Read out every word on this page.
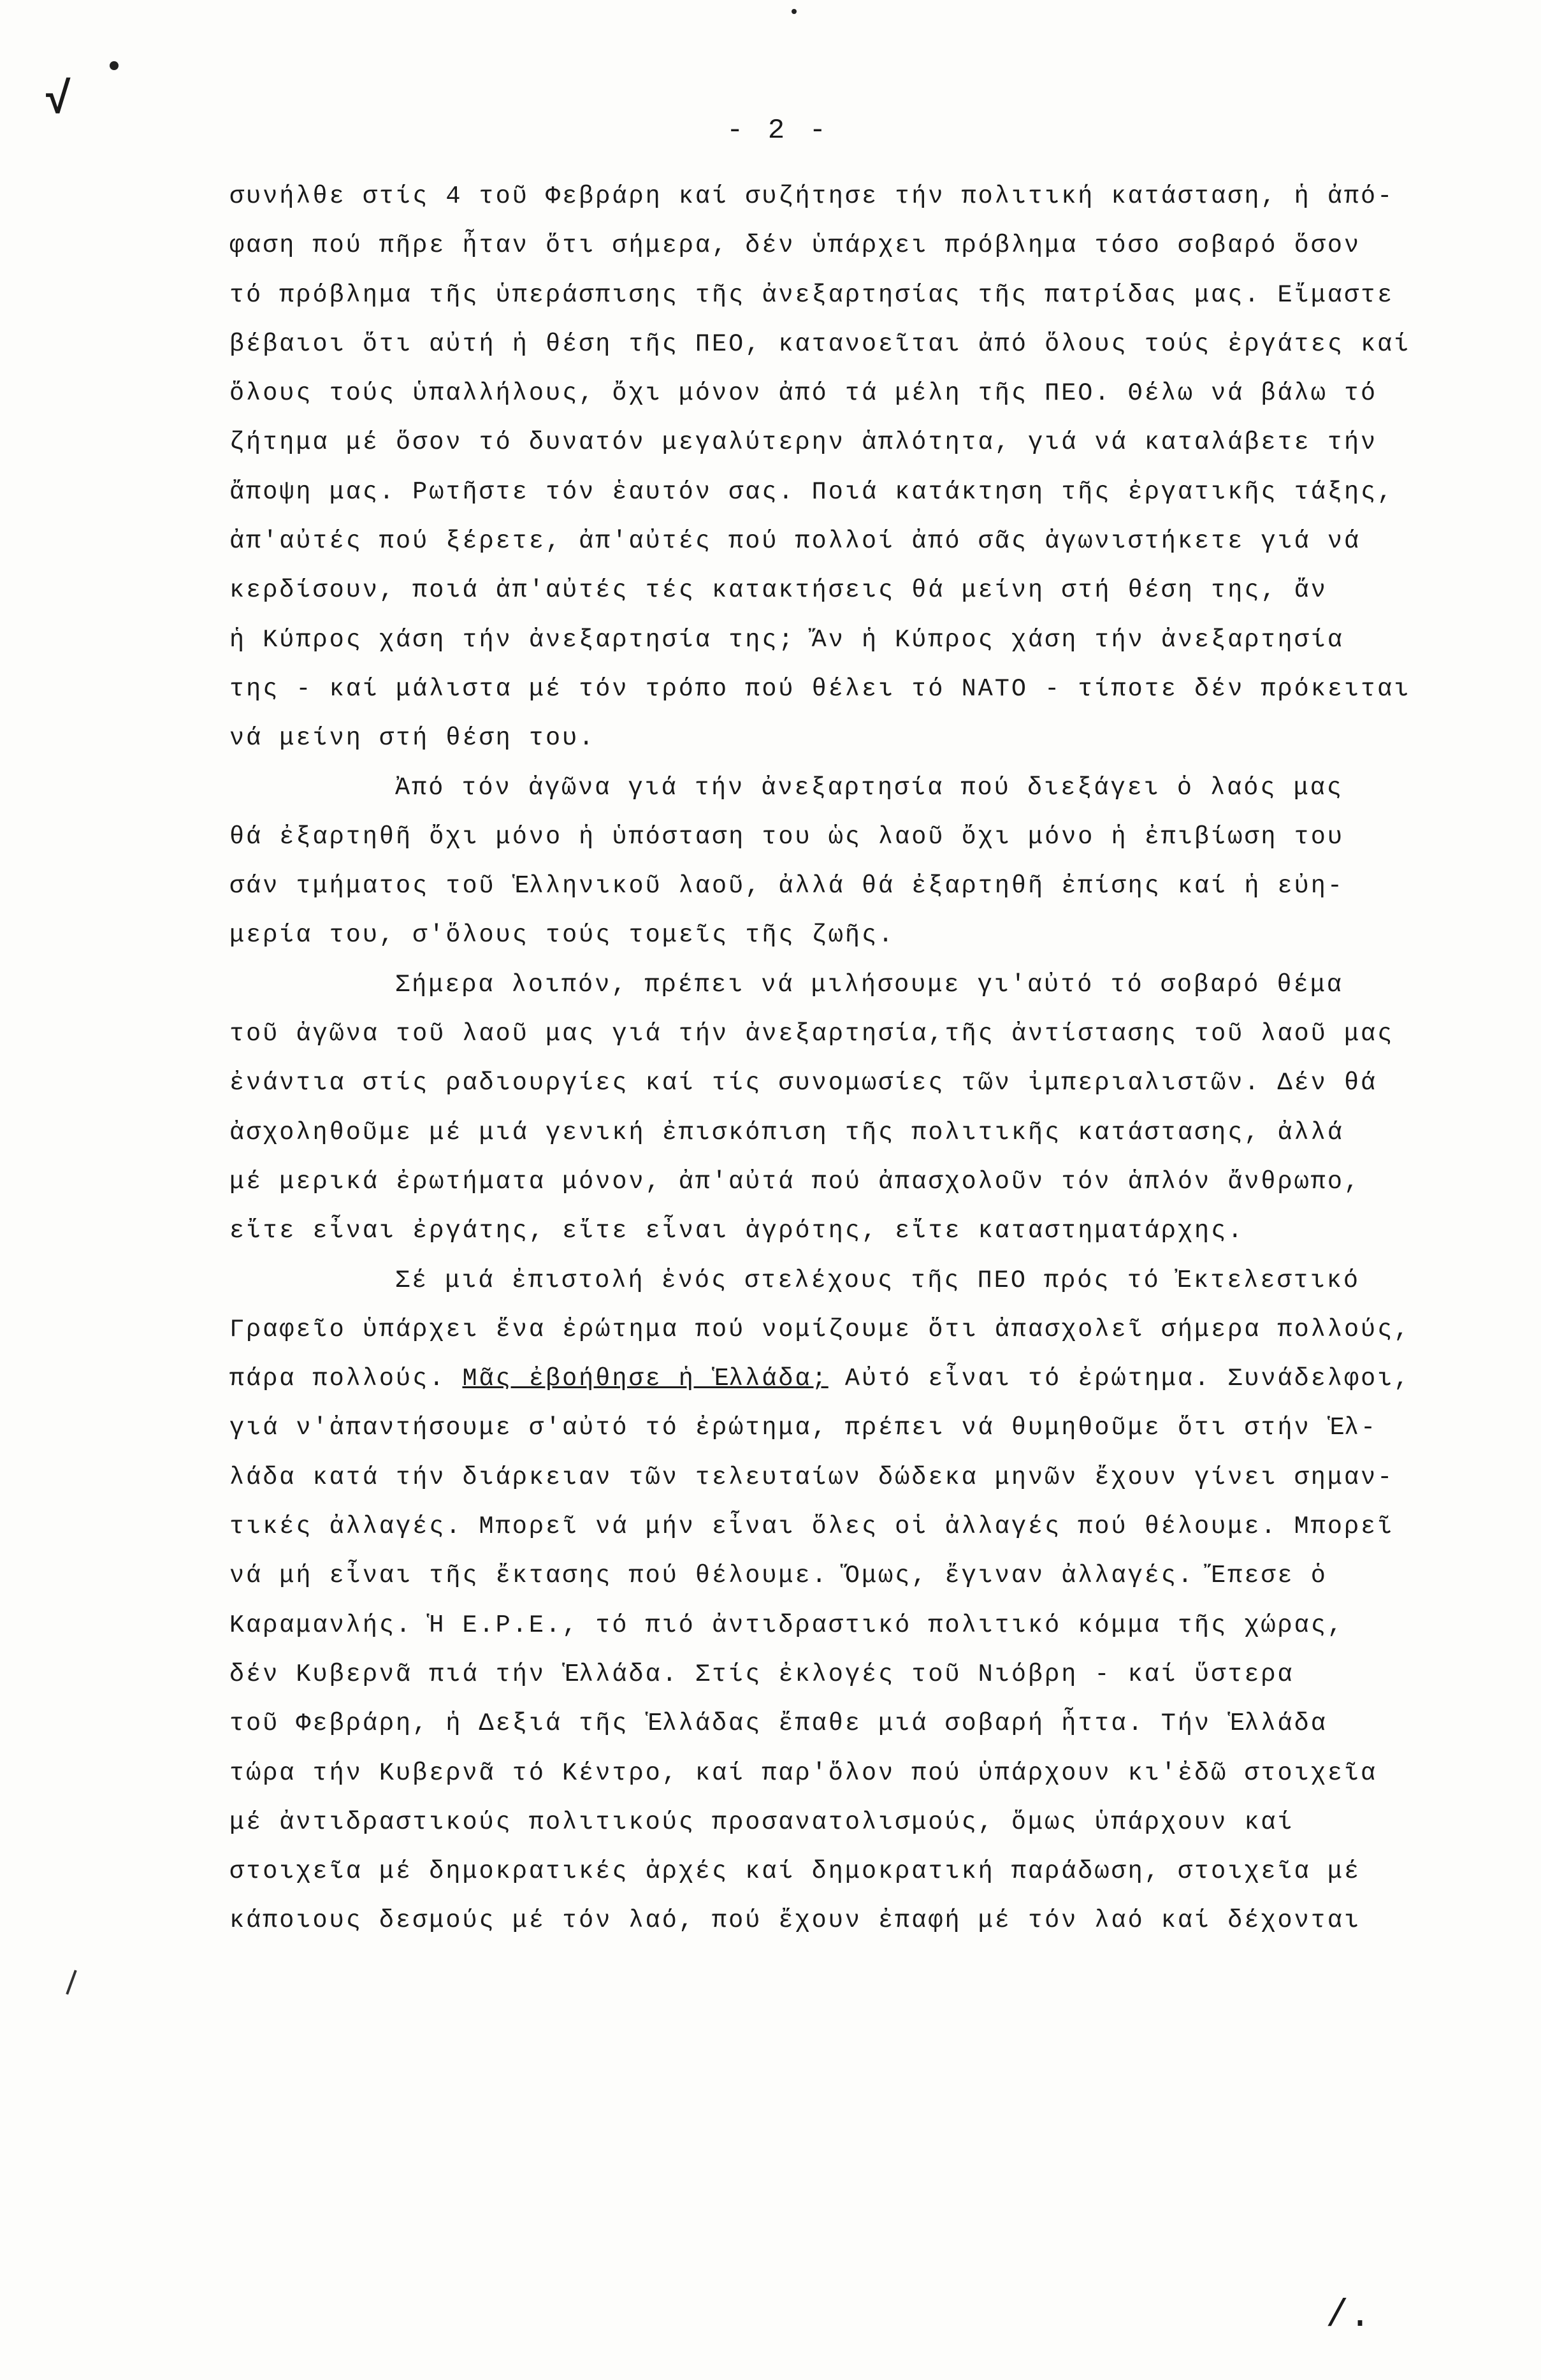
√
- 2 -
συνήλθε στίς 4 τοῦ Φεβράρη καί συζήτησε τήν πολιτική κατάσταση, ἡ ἀπό-
φαση πού πῆρε ἦταν ὅτι σήμερα, δέν ὑπάρχει πρόβλημα τόσο σοβαρό ὅσον
τό πρόβλημα τῆς ὑπεράσπισης τῆς ἀνεξαρτησίας τῆς πατρίδας μας. Εἴμαστε
βέβαιοι ὅτι αὐτή ἡ θέση τῆς ΠΕΟ, κατανοεῖται ἀπό ὅλους τούς ἐργάτες καί
ὅλους τούς ὑπαλλήλους, ὄχι μόνον ἀπό τά μέλη τῆς ΠΕΟ. Θέλω νά βάλω τό
ζήτημα μέ ὅσον τό δυνατόν μεγαλύτερην ἁπλότητα, γιά νά καταλάβετε τήν
ἄποψη μας. Ρωτῆστε τόν ἑαυτόν σας. Ποιά κατάκτηση τῆς ἐργατικῆς τάξης,
ἀπ'αὐτές πού ξέρετε, ἀπ'αὐτές πού πολλοί ἀπό σᾶς ἀγωνιστήκετε γιά νά
κερδίσουν, ποιά ἀπ'αὐτές τές κατακτήσεις θά μείνη στή θέση της, ἄν
ἡ Κύπρος χάση τήν ἀνεξαρτησία της; Ἄν ἡ Κύπρος χάση τήν ἀνεξαρτησία
της - καί μάλιστα μέ τόν τρόπο πού θέλει τό ΝΑΤΟ - τίποτε δέν πρόκειται
νά μείνη στή θέση του.
Ἀπό τόν ἀγῶνα γιά τήν ἀνεξαρτησία πού διεξάγει ὁ λαός μας
θά ἐξαρτηθῆ ὄχι μόνο ἡ ὑπόσταση του ὡς λαοῦ ὄχι μόνο ἡ ἐπιβίωση του
σάν τμήματος τοῦ Ἑλληνικοῦ λαοῦ, ἀλλά θά ἐξαρτηθῆ ἐπίσης καί ἡ εὐη-
μερία του, σ'ὅλους τούς τομεῖς τῆς ζωῆς.
Σήμερα λοιπόν, πρέπει νά μιλήσουμε γι'αὐτό τό σοβαρό θέμα
τοῦ ἀγῶνα τοῦ λαοῦ μας γιά τήν ἀνεξαρτησία,τῆς ἀντίστασης τοῦ λαοῦ μας
ἐνάντια στίς ραδιουργίες καί τίς συνομωσίες τῶν ἰμπεριαλιστῶν. Δέν θά
ἀσχοληθοῦμε μέ μιά γενική ἐπισκόπιση τῆς πολιτικῆς κατάστασης, ἀλλά
μέ μερικά ἐρωτήματα μόνον, ἀπ'αὐτά πού ἀπασχολοῦν τόν ἁπλόν ἄνθρωπο,
εἴτε εἶναι ἐργάτης, εἴτε εἶναι ἀγρότης, εἴτε καταστηματάρχης.
Σέ μιά ἐπιστολή ἑνός στελέχους τῆς ΠΕΟ πρός τό Ἐκτελεστικό
Γραφεῖο ὑπάρχει ἕνα ἐρώτημα πού νομίζουμε ὅτι ἀπασχολεῖ σήμερα πολλούς,
πάρα πολλούς. Μᾶς ἐβοήθησε ἡ Ἑλλάδα; Αὐτό εἶναι τό ἐρώτημα. Συνάδελφοι,
γιά ν'ἀπαντήσουμε σ'αὐτό τό ἐρώτημα, πρέπει νά θυμηθοῦμε ὅτι στήν Ἑλ-
λάδα κατά τήν διάρκειαν τῶν τελευταίων δώδεκα μηνῶν ἔχουν γίνει σημαν-
τικές ἀλλαγές. Μπορεῖ νά μήν εἶναι ὅλες οἱ ἀλλαγές πού θέλουμε. Μπορεῖ
νά μή εἶναι τῆς ἔκτασης πού θέλουμε. Ὅμως, ἔγιναν ἀλλαγές. Ἔπεσε ὁ
Καραμανλής. Ἡ Ε.Ρ.Ε., τό πιό ἀντιδραστικό πολιτικό κόμμα τῆς χώρας,
δέν Κυβερνᾶ πιά τήν Ἑλλάδα. Στίς ἐκλογές τοῦ Νιόβρη - καί ὕστερα
τοῦ Φεβράρη, ἡ Δεξιά τῆς Ἑλλάδας ἔπαθε μιά σοβαρή ἧττα. Τήν Ἑλλάδα
τώρα τήν Κυβερνᾶ τό Κέντρο, καί παρ'ὅλον πού ὑπάρχουν κι'ἐδῶ στοιχεῖα
μέ ἀντιδραστικούς πολιτικούς προσανατολισμούς, ὅμως ὑπάρχουν καί
στοιχεῖα μέ δημοκρατικές ἀρχές καί δημοκρατική παράδωση, στοιχεῖα μέ
κάποιους δεσμούς μέ τόν λαό, πού ἔχουν ἐπαφή μέ τόν λαό καί δέχονται
/.
